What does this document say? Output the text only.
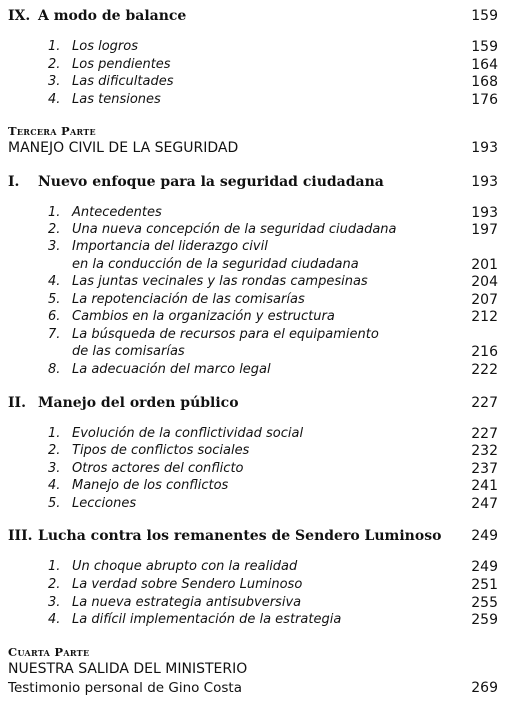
IX. A modo de balance	159
1. Los logros	159
2. Los pendientes	164
3. Las dificultades	168
4. Las tensiones	176
Tercera Parte
MANEJO CIVIL DE LA SEGURIDAD	193
I. Nuevo enfoque para la seguridad ciudadana	193
1. Antecedentes	193
2. Una nueva concepción de la seguridad ciudadana	197
3. Importancia del liderazgo civil
en la conducción de la seguridad ciudadana	201
4. Las juntas vecinales y las rondas campesinas	204
5. La repotenciación de las comisarías	207
6. Cambios en la organización y estructura	212
7. La búsqueda de recursos para el equipamiento
de las comisarías	216
8. La adecuación del marco legal	222
II. Manejo del orden público	227
1. Evolución de la conflictividad social	227
2. Tipos de conflictos sociales	232
3. Otros actores del conflicto	237
4. Manejo de los conflictos	241
5. Lecciones	247
III. Lucha contra los remanentes de Sendero Luminoso 249
1. Un choque abrupto con la realidad	249
2. La verdad sobre Sendero Luminoso	251
3. La nueva estrategia antisubversiva	255
4. La difícil implementación de la estrategia	259
Cuarta Parte
NUESTRA SALIDA DEL MINISTERIO
Testimonio personal de Gino Costa	269
